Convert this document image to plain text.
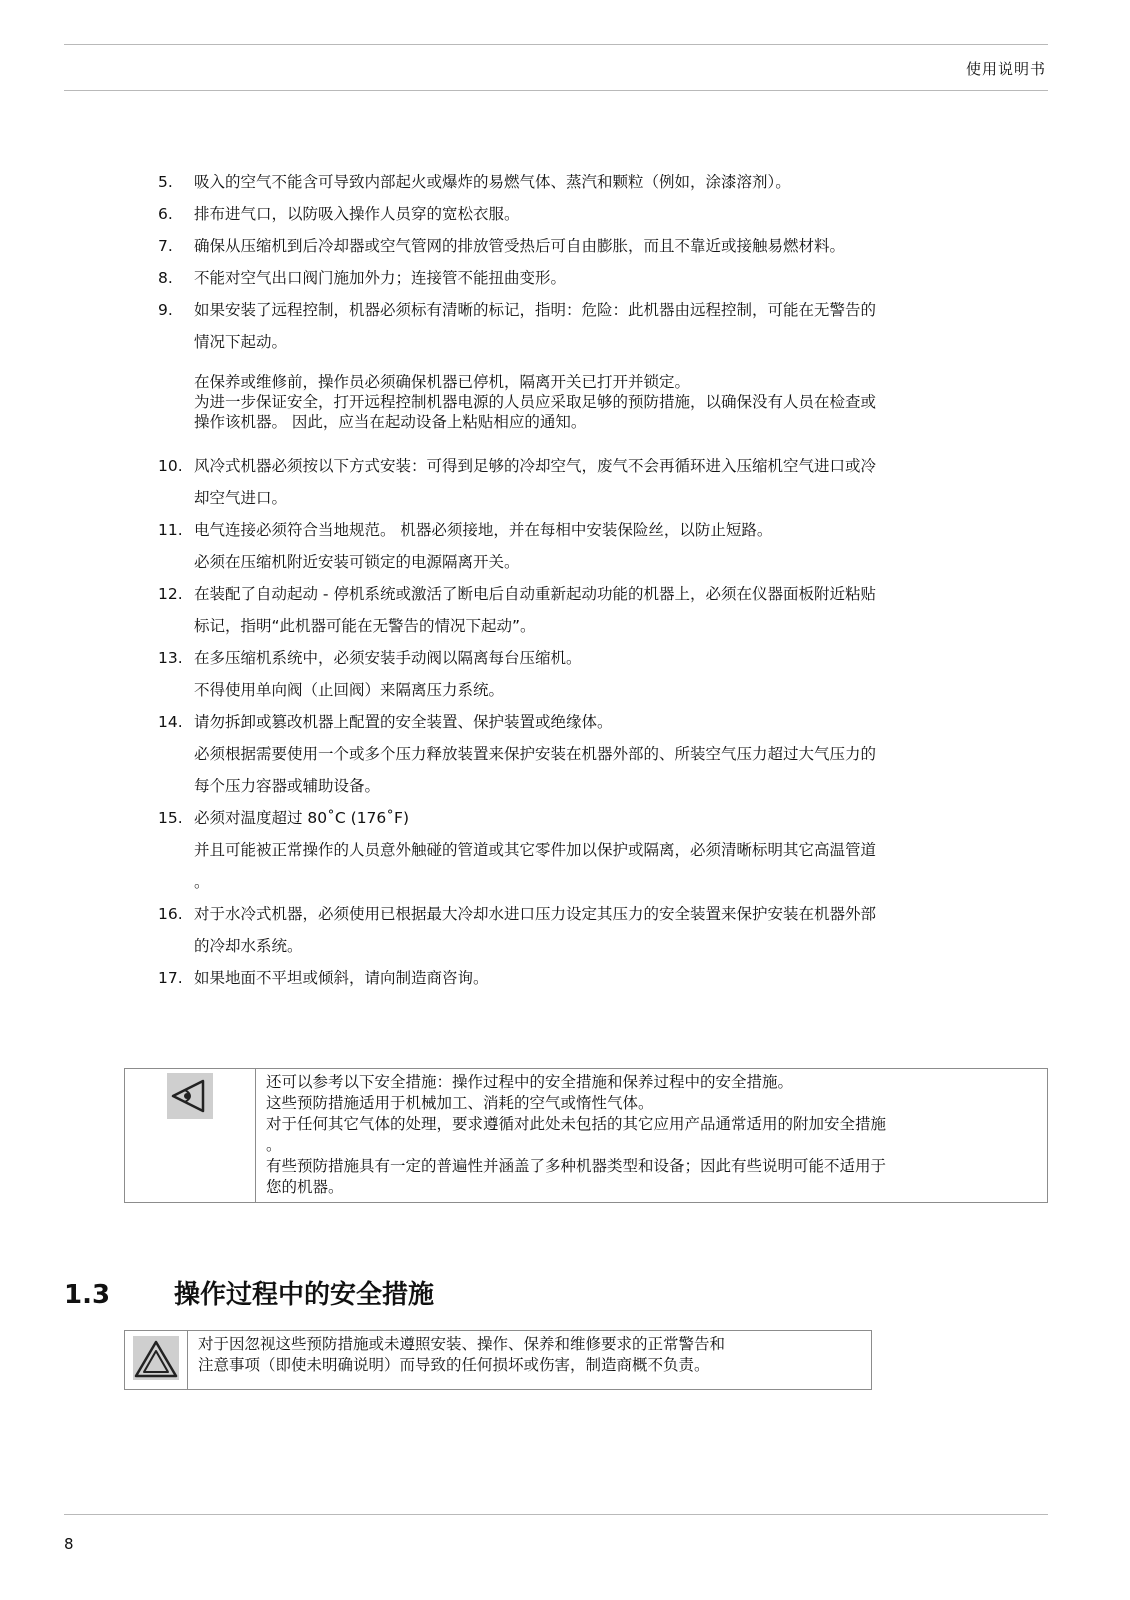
使用说明书
5.	吸入的空气不能含可导致内部起火或爆炸的易燃气体、蒸汽和颗粒（例如，涂漆溶剂）。
6.	排布进气口，以防吸入操作人员穿的宽松衣服。
7.	确保从压缩机到后冷却器或空气管网的排放管受热后可自由膨胀，而且不靠近或接触易燃材料。
8.	不能对空气出口阀门施加外力；连接管不能扭曲变形。
9.	如果安装了远程控制，机器必须标有清晰的标记，指明：危险：此机器由远程控制，可能在无警告的
情况下起动。
在保养或维修前，操作员必须确保机器已停机，隔离开关已打开并锁定。
为进一步保证安全，打开远程控制机器电源的人员应采取足够的预防措施，以确保没有人员在检查或
操作该机器。 因此，应当在起动设备上粘贴相应的通知。
10. 风冷式机器必须按以下方式安装：可得到足够的冷却空气，废气不会再循环进入压缩机空气进口或冷
却空气进口。
11. 电气连接必须符合当地规范。 机器必须接地，并在每相中安装保险丝，以防止短路。
必须在压缩机附近安装可锁定的电源隔离开关。
12. 在装配了自动起动 - 停机系统或激活了断电后自动重新起动功能的机器上，必须在仪器面板附近粘贴
标记，指明“此机器可能在无警告的情况下起动”。
13. 在多压缩机系统中，必须安装手动阀以隔离每台压缩机。
不得使用单向阀（止回阀）来隔离压力系统。
14. 请勿拆卸或篡改机器上配置的安全装置、保护装置或绝缘体。
必须根据需要使用一个或多个压力释放装置来保护安装在机器外部的、所装空气压力超过大气压力的
每个压力容器或辅助设备。
15. 必须对温度超过 80˚C (176˚F)
并且可能被正常操作的人员意外触碰的管道或其它零件加以保护或隔离，必须清晰标明其它高温管道
。
16. 对于水冷式机器，必须使用已根据最大冷却水进口压力设定其压力的安全装置来保护安装在机器外部
的冷却水系统。
17. 如果地面不平坦或倾斜，请向制造商咨询。

还可以参考以下安全措施：操作过程中的安全措施和保养过程中的安全措施。
这些预防措施适用于机械加工、消耗的空气或惰性气体。
对于任何其它气体的处理，要求遵循对此处未包括的其它应用产品通常适用的附加安全措施
。
有些预防措施具有一定的普遍性并涵盖了多种机器类型和设备；因此有些说明可能不适用于
您的机器。
1.3 操作过程中的安全措施

对于因忽视这些预防措施或未遵照安装、操作、保养和维修要求的正常警告和
注意事项（即使未明确说明）而导致的任何损坏或伤害，制造商概不负责。
8
